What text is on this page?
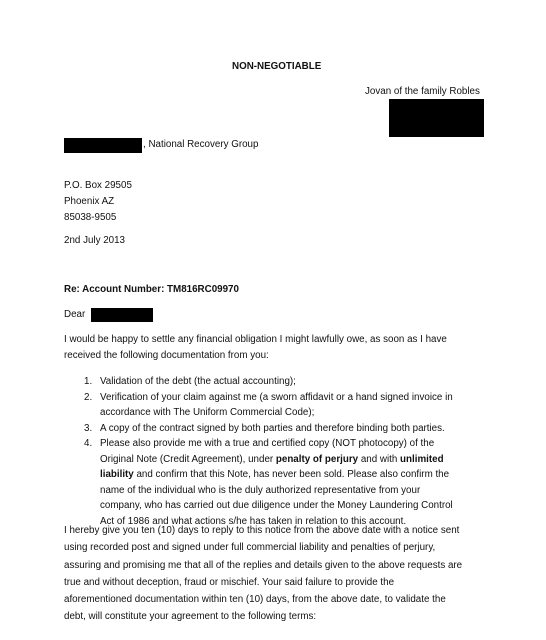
NON-NEGOTIABLE
Jovan of the family Robles
, National Recovery Group
P.O. Box 29505
Phoenix AZ
85038-9505
2nd July 2013
Re: Account Number: TM816RC09970
Dear
I would be happy to settle any financial obligation I might lawfully owe, as soon as I have
received the following documentation from you:
1. Validation of the debt (the actual accounting);
2. Verification of your claim against me (a sworn affidavit or a hand signed invoice in
accordance with The Uniform Commercial Code);
3. A copy of the contract signed by both parties and therefore binding both parties.
4. Please also provide me with a true and certified copy (NOT photocopy) of the
Original Note (Credit Agreement), under penalty of perjury and with unlimited
liability and confirm that this Note, has never been sold. Please also confirm the
name of the individual who is the duly authorized representative from your
company, who has carried out due diligence under the Money Laundering Control
Act of 1986 and what actions s/he has taken in relation to this account.
I hereby give you ten (10) days to reply to this notice from the above date with a notice sent
using recorded post and signed under full commercial liability and penalties of perjury,
assuring and promising me that all of the replies and details given to the above requests are
true and without deception, fraud or mischief. Your said failure to provide the
aforementioned documentation within ten (10) days, from the above date, to validate the
debt, will constitute your agreement to the following terms:
